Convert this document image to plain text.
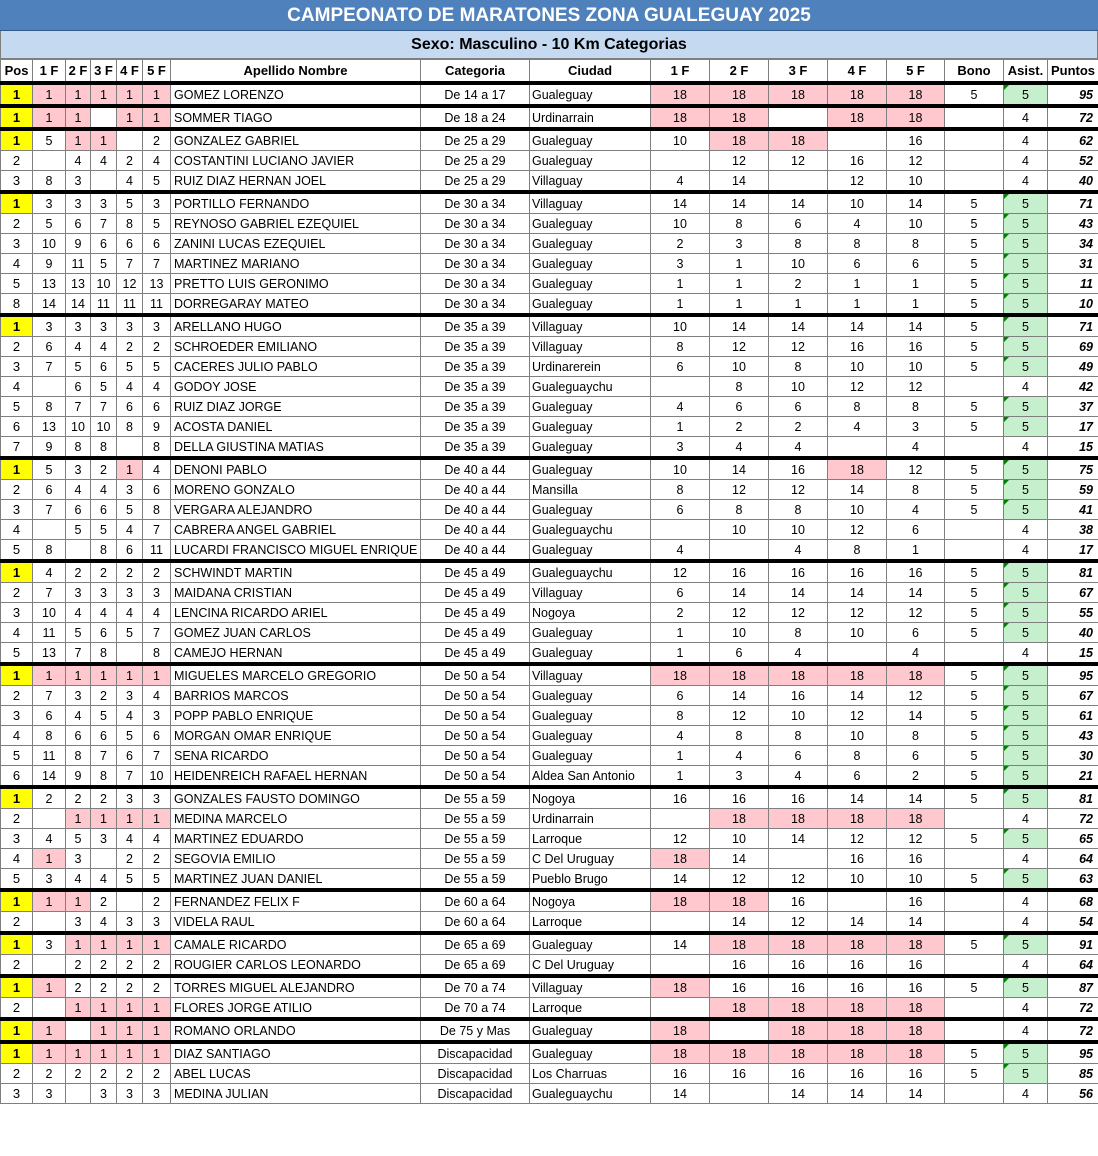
CAMPEONATO DE MARATONES ZONA GUALEGUAY 2025
Sexo: Masculino - 10 Km Categorias
Pos	1 F	2 F	3 F	4 F	5 F	Apellido Nombre	Categoria	Ciudad	1 F	2 F	3 F	4 F	5 F	Bono	Asist.	Puntos
1	1	1	1	1	1	GOMEZ LORENZO	De 14 a 17	Gualeguay	18	18	18	18	18	5	5	95
1	1	1		1	1	SOMMER TIAGO	De 18 a 24	Urdinarrain	18	18		18	18		4	72
1	5	1	1		2	GONZALEZ GABRIEL	De 25 a 29	Gualeguay	10	18	18		16		4	62
2		4	4	2	4	COSTANTINI LUCIANO JAVIER	De 25 a 29	Gualeguay		12	12	16	12		4	52
3	8	3		4	5	RUIZ DIAZ HERNAN JOEL	De 25 a 29	Villaguay	4	14		12	10		4	40
1	3	3	3	5	3	PORTILLO FERNANDO	De 30 a 34	Villaguay	14	14	14	10	14	5	5	71
2	5	6	7	8	5	REYNOSO GABRIEL EZEQUIEL	De 30 a 34	Gualeguay	10	8	6	4	10	5	5	43
3	10	9	6	6	6	ZANINI LUCAS EZEQUIEL	De 30 a 34	Gualeguay	2	3	8	8	8	5	5	34
4	9	11	5	7	7	MARTINEZ MARIANO	De 30 a 34	Gualeguay	3	1	10	6	6	5	5	31
5	13	13	10	12	13	PRETTO LUIS GERONIMO	De 30 a 34	Gualeguay	1	1	2	1	1	5	5	11
8	14	14	11	11	11	DORREGARAY MATEO	De 30 a 34	Gualeguay	1	1	1	1	1	5	5	10
1	3	3	3	3	3	ARELLANO HUGO	De 35 a 39	Villaguay	10	14	14	14	14	5	5	71
2	6	4	4	2	2	SCHROEDER EMILIANO	De 35 a 39	Villaguay	8	12	12	16	16	5	5	69
3	7	5	6	5	5	CACERES JULIO PABLO	De 35 a 39	Urdinarerein	6	10	8	10	10	5	5	49
4		6	5	4	4	GODOY JOSE	De 35 a 39	Gualeguaychu		8	10	12	12		4	42
5	8	7	7	6	6	RUIZ DIAZ JORGE	De 35 a 39	Gualeguay	4	6	6	8	8	5	5	37
6	13	10	10	8	9	ACOSTA DANIEL	De 35 a 39	Gualeguay	1	2	2	4	3	5	5	17
7	9	8	8		8	DELLA GIUSTINA MATIAS	De 35 a 39	Gualeguay	3	4	4		4		4	15
1	5	3	2	1	4	DENONI PABLO	De 40 a 44	Gualeguay	10	14	16	18	12	5	5	75
2	6	4	4	3	6	MORENO GONZALO	De 40 a 44	Mansilla	8	12	12	14	8	5	5	59
3	7	6	6	5	8	VERGARA ALEJANDRO	De 40 a 44	Gualeguay	6	8	8	10	4	5	5	41
4		5	5	4	7	CABRERA ANGEL GABRIEL	De 40 a 44	Gualeguaychu		10	10	12	6		4	38
5	8		8	6	11	LUCARDI FRANCISCO MIGUEL ENRIQUE	De 40 a 44	Gualeguay	4		4	8	1		4	17
1	4	2	2	2	2	SCHWINDT MARTIN	De 45 a 49	Gualeguaychu	12	16	16	16	16	5	5	81
2	7	3	3	3	3	MAIDANA CRISTIAN	De 45 a 49	Villaguay	6	14	14	14	14	5	5	67
3	10	4	4	4	4	LENCINA RICARDO ARIEL	De 45 a 49	Nogoya	2	12	12	12	12	5	5	55
4	11	5	6	5	7	GOMEZ JUAN CARLOS	De 45 a 49	Gualeguay	1	10	8	10	6	5	5	40
5	13	7	8		8	CAMEJO HERNAN	De 45 a 49	Gualeguay	1	6	4		4		4	15
1	1	1	1	1	1	MIGUELES MARCELO GREGORIO	De 50 a 54	Villaguay	18	18	18	18	18	5	5	95
2	7	3	2	3	4	BARRIOS MARCOS	De 50 a 54	Gualeguay	6	14	16	14	12	5	5	67
3	6	4	5	4	3	POPP PABLO ENRIQUE	De 50 a 54	Gualeguay	8	12	10	12	14	5	5	61
4	8	6	6	5	6	MORGAN OMAR ENRIQUE	De 50 a 54	Gualeguay	4	8	8	10	8	5	5	43
5	11	8	7	6	7	SENA RICARDO	De 50 a 54	Gualeguay	1	4	6	8	6	5	5	30
6	14	9	8	7	10	HEIDENREICH RAFAEL HERNAN	De 50 a 54	Aldea San Antonio	1	3	4	6	2	5	5	21
1	2	2	2	3	3	GONZALES FAUSTO DOMINGO	De 55 a 59	Nogoya	16	16	16	14	14	5	5	81
2		1	1	1	1	MEDINA MARCELO	De 55 a 59	Urdinarrain		18	18	18	18		4	72
3	4	5	3	4	4	MARTINEZ EDUARDO	De 55 a 59	Larroque	12	10	14	12	12	5	5	65
4	1	3		2	2	SEGOVIA EMILIO	De 55 a 59	C Del Uruguay	18	14		16	16		4	64
5	3	4	4	5	5	MARTINEZ JUAN DANIEL	De 55 a 59	Pueblo Brugo	14	12	12	10	10	5	5	63
1	1	1	2		2	FERNANDEZ FELIX F	De 60 a 64	Nogoya	18	18	16		16		4	68
2		3	4	3	3	VIDELA RAUL	De 60 a 64	Larroque		14	12	14	14		4	54
1	3	1	1	1	1	CAMALE RICARDO	De 65 a 69	Gualeguay	14	18	18	18	18	5	5	91
2		2	2	2	2	ROUGIER CARLOS LEONARDO	De 65 a 69	C Del Uruguay		16	16	16	16		4	64
1	1	2	2	2	2	TORRES MIGUEL ALEJANDRO	De 70 a 74	Villaguay	18	16	16	16	16	5	5	87
2		1	1	1	1	FLORES JORGE ATILIO	De 70 a 74	Larroque		18	18	18	18		4	72
1	1		1	1	1	ROMANO ORLANDO	De 75 y Mas	Gualeguay	18		18	18	18		4	72
1	1	1	1	1	1	DIAZ SANTIAGO	Discapacidad	Gualeguay	18	18	18	18	18	5	5	95
2	2	2	2	2	2	ABEL LUCAS	Discapacidad	Los Charruas	16	16	16	16	16	5	5	85
3	3		3	3	3	MEDINA JULIAN	Discapacidad	Gualeguaychu	14		14	14	14		4	56
